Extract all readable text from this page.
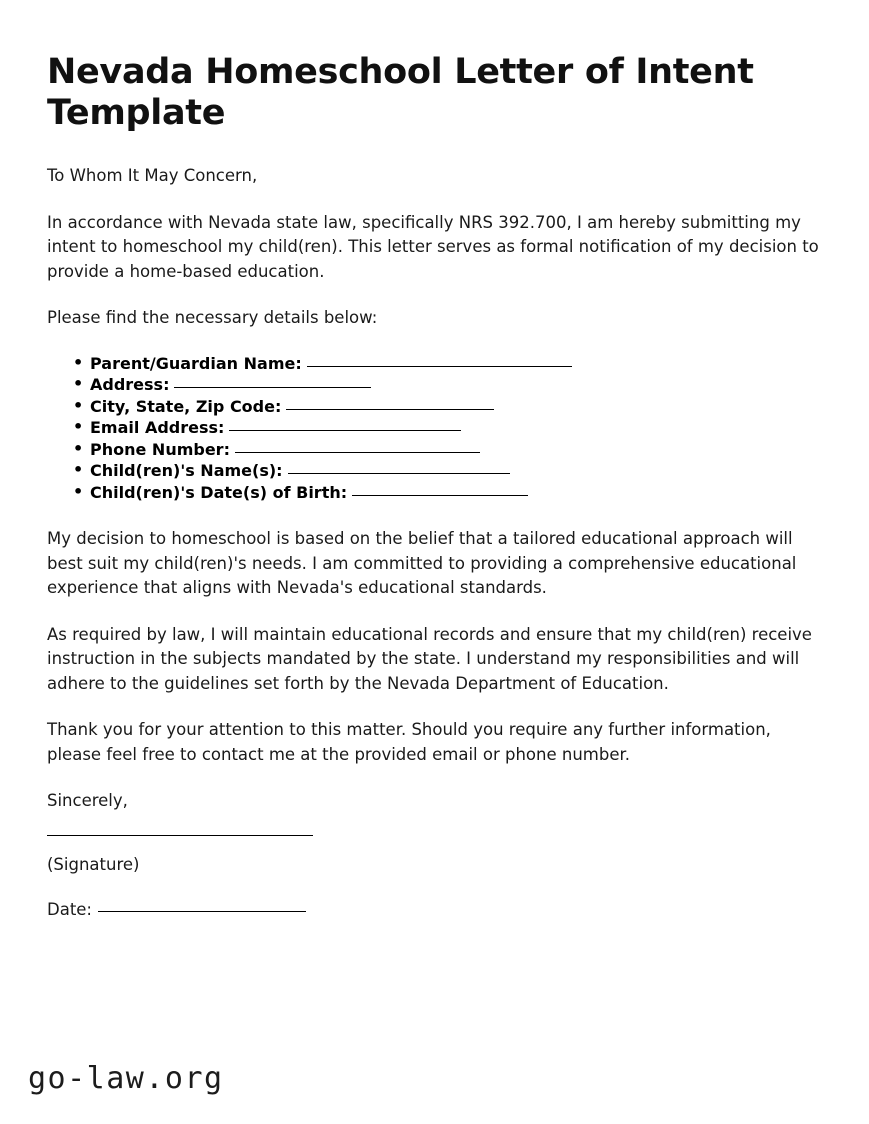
Nevada Homeschool Letter of Intent Template

To Whom It May Concern,

In accordance with Nevada state law, specifically NRS 392.700, I am hereby submitting my intent to homeschool my child(ren). This letter serves as formal notification of my decision to provide a home-based education.

Please find the necessary details below:

• Parent/Guardian Name:
• Address:
• City, State, Zip Code:
• Email Address:
• Phone Number:
• Child(ren)'s Name(s):
• Child(ren)'s Date(s) of Birth:

My decision to homeschool is based on the belief that a tailored educational approach will best suit my child(ren)'s needs. I am committed to providing a comprehensive educational experience that aligns with Nevada's educational standards.

As required by law, I will maintain educational records and ensure that my child(ren) receive instruction in the subjects mandated by the state. I understand my responsibilities and will adhere to the guidelines set forth by the Nevada Department of Education.

Thank you for your attention to this matter. Should you require any further information, please feel free to contact me at the provided email or phone number.

Sincerely,

(Signature)

Date:
go-law.org
